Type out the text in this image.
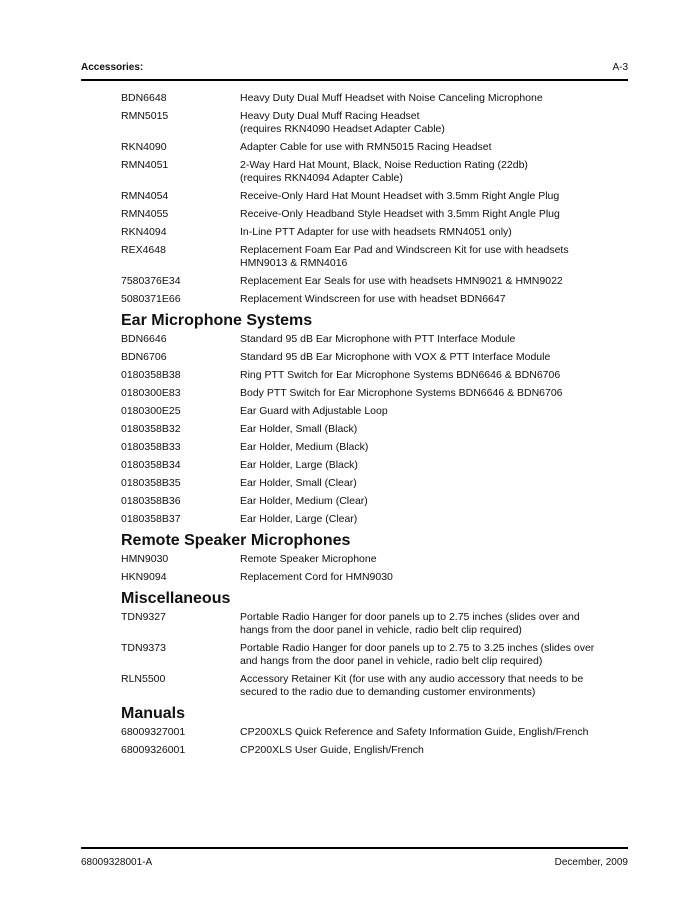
Accessories:	A-3
BDN6648	Heavy Duty Dual Muff Headset with Noise Canceling Microphone
RMN5015	Heavy Duty Dual Muff Racing Headset
(requires RKN4090 Headset Adapter Cable)
RKN4090	Adapter Cable for use with RMN5015 Racing Headset
RMN4051	2-Way Hard Hat Mount, Black, Noise Reduction Rating (22db)
(requires RKN4094 Adapter Cable)
RMN4054	Receive-Only Hard Hat Mount Headset with 3.5mm Right Angle Plug
RMN4055	Receive-Only Headband Style Headset with 3.5mm Right Angle Plug
RKN4094	In-Line PTT Adapter for use with headsets RMN4051 only)
REX4648	Replacement Foam Ear Pad and Windscreen Kit for use with headsets
HMN9013 & RMN4016
7580376E34	Replacement Ear Seals for use with headsets HMN9021 & HMN9022
5080371E66	Replacement Windscreen for use with headset BDN6647
Ear Microphone Systems
BDN6646	Standard 95 dB Ear Microphone with PTT Interface Module
BDN6706	Standard 95 dB Ear Microphone with VOX & PTT Interface Module
0180358B38	Ring PTT Switch for Ear Microphone Systems BDN6646 & BDN6706
0180300E83	Body PTT Switch for Ear Microphone Systems BDN6646 & BDN6706
0180300E25	Ear Guard with Adjustable Loop
0180358B32	Ear Holder, Small (Black)
0180358B33	Ear Holder, Medium (Black)
0180358B34	Ear Holder, Large (Black)
0180358B35	Ear Holder, Small (Clear)
0180358B36	Ear Holder, Medium (Clear)
0180358B37	Ear Holder, Large (Clear)
Remote Speaker Microphones
HMN9030	Remote Speaker Microphone
HKN9094	Replacement Cord for HMN9030
Miscellaneous
TDN9327	Portable Radio Hanger for door panels up to 2.75 inches (slides over and
hangs from the door panel in vehicle, radio belt clip required)
TDN9373	Portable Radio Hanger for door panels up to 2.75 to 3.25 inches (slides over
and hangs from the door panel in vehicle, radio belt clip required)
RLN5500	Accessory Retainer Kit (for use with any audio accessory that needs to be
secured to the radio due to demanding customer environments)
Manuals
68009327001	CP200XLS Quick Reference and Safety Information Guide, English/French
68009326001	CP200XLS User Guide, English/French
68009328001-A	December, 2009
